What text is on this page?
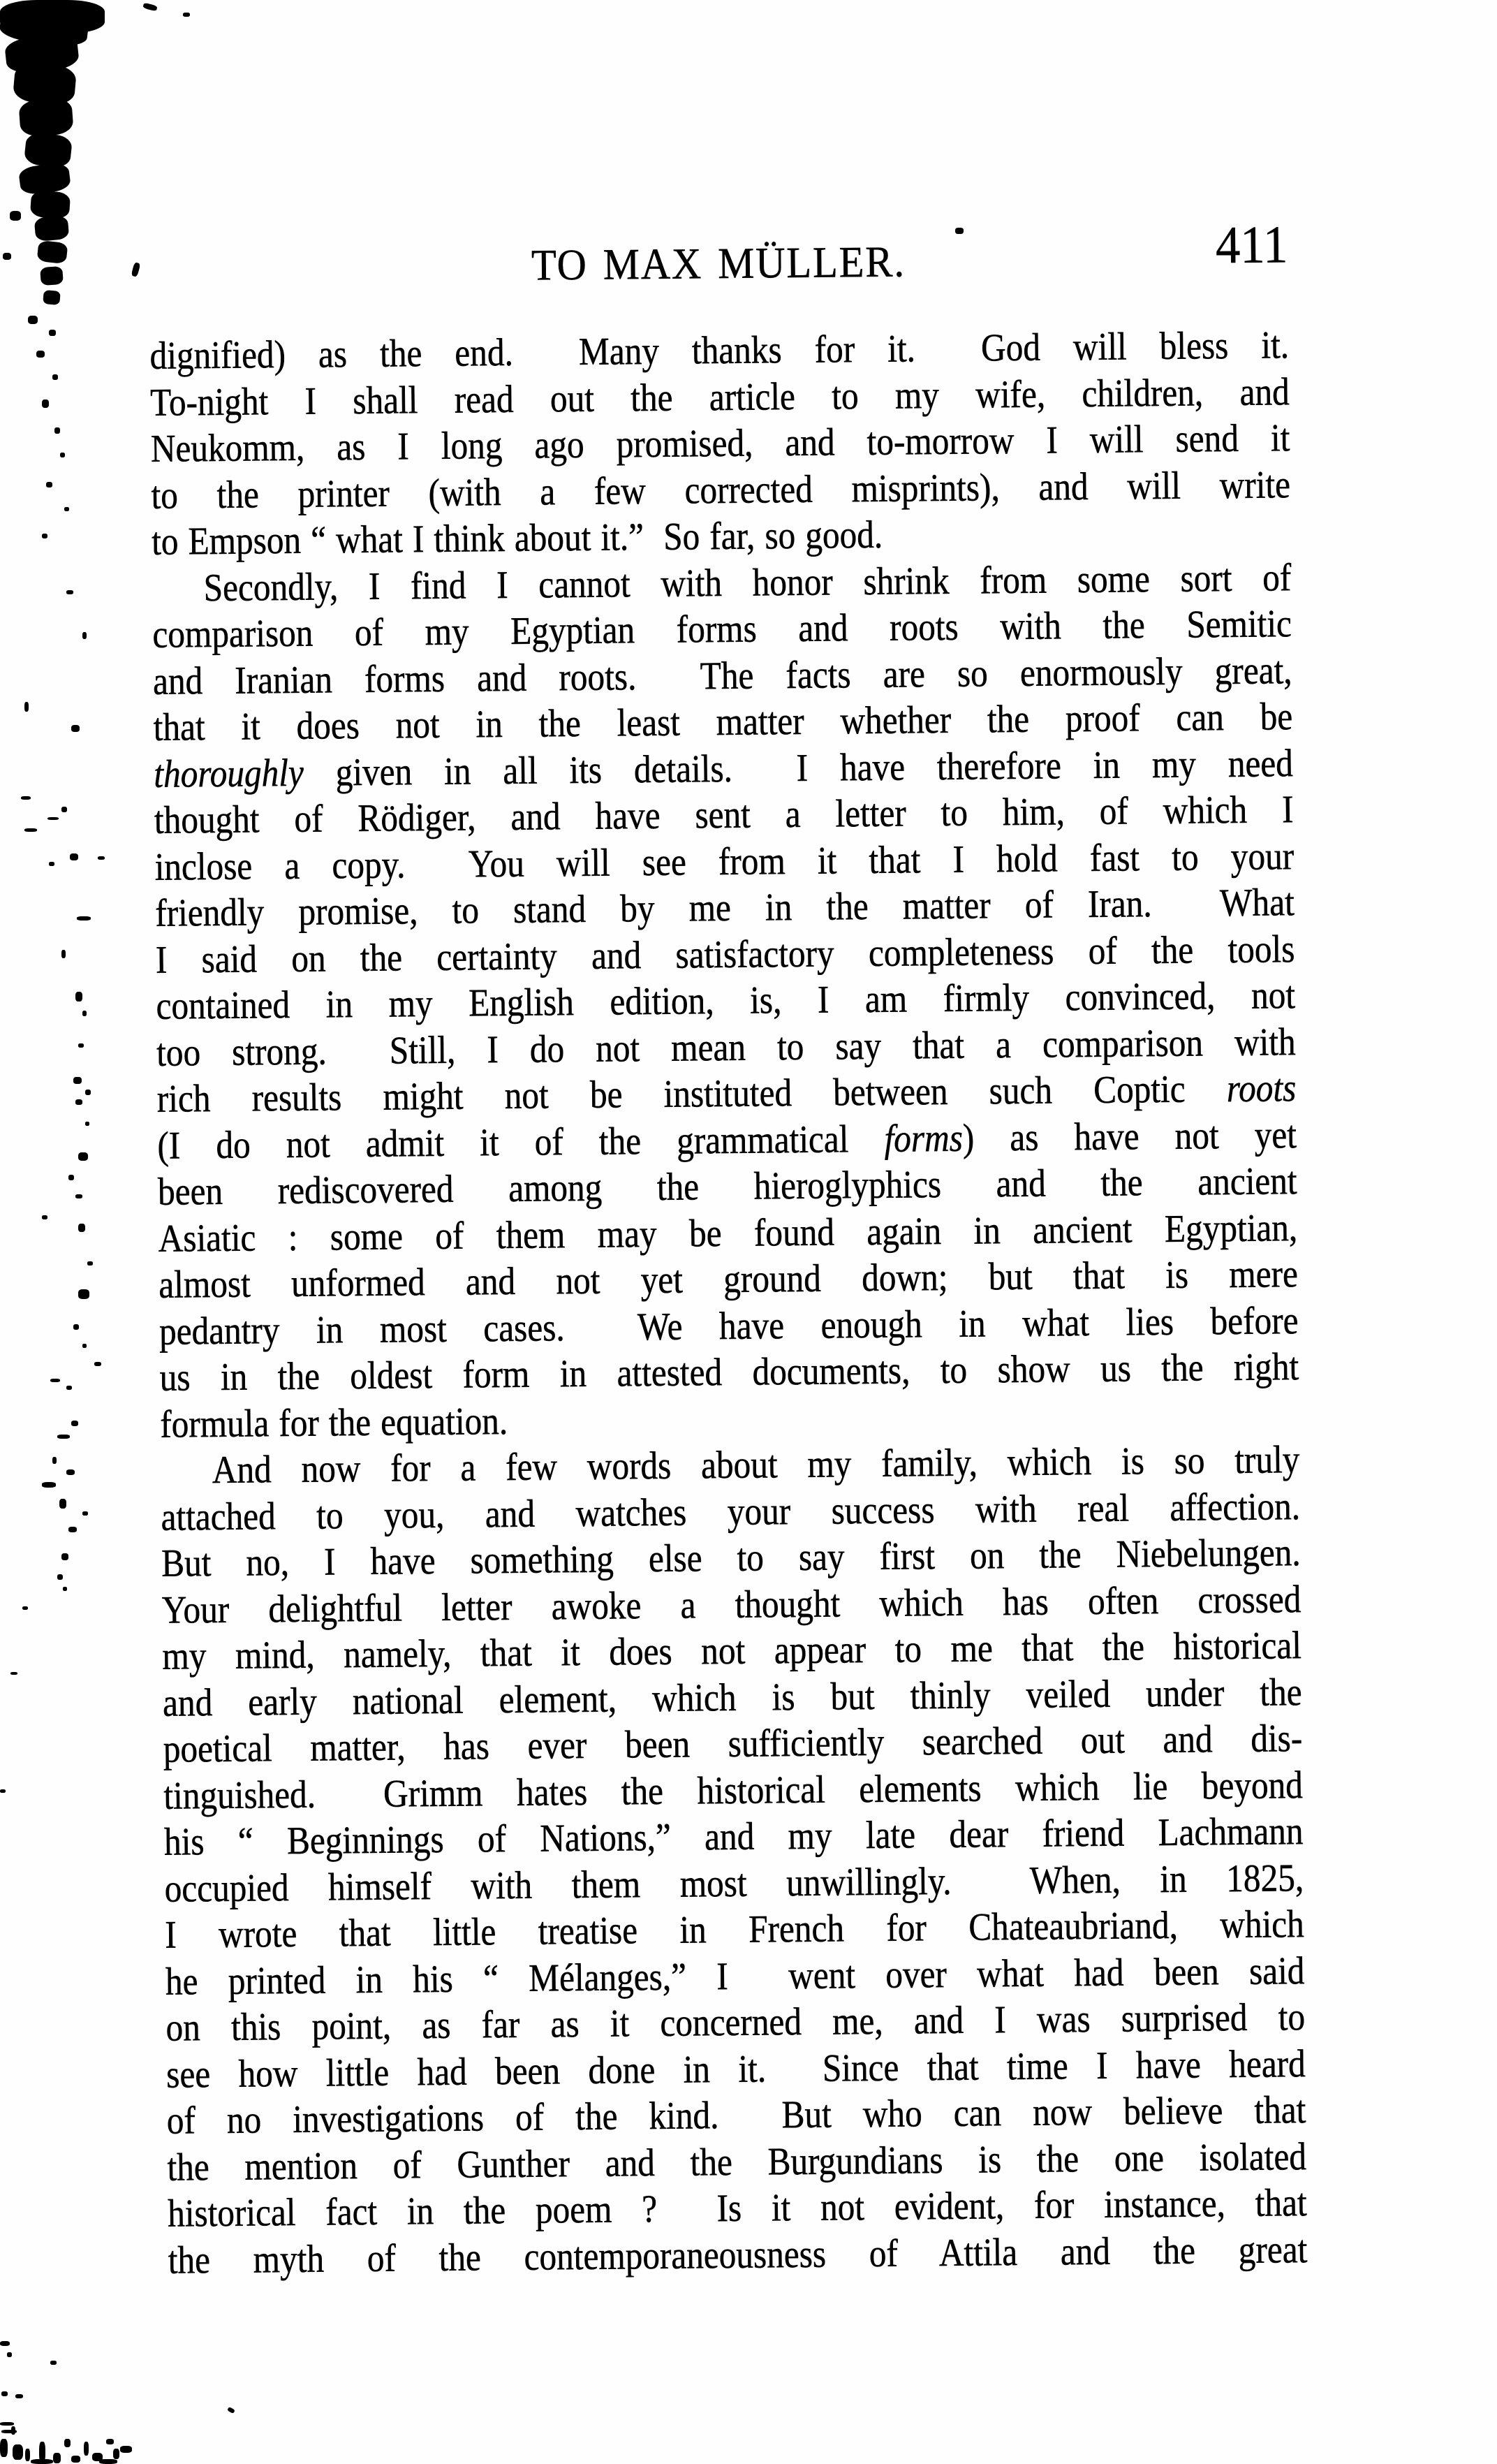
TO MAX MÜLLER.	411
dignified) as the end.  Many thanks for it.  God will bless it.
To-night I shall read out the article to my wife, children, and
Neukomm, as I long ago promised, and to-morrow I will send it
to the printer (with a few corrected misprints), and will write
to Empson “ what I think about it.”  So far, so good.
Secondly, I find I cannot with honor shrink from some sort of
comparison of my Egyptian forms and roots with the Semitic
and Iranian forms and roots.  The facts are so enormously great,
that it does not in the least matter whether the proof can be
thoroughly given in all its details.  I have therefore in my need
thought of Rödiger, and have sent a letter to him, of which I
inclose a copy.  You will see from it that I hold fast to your
friendly promise, to stand by me in the matter of Iran.  What
I said on the certainty and satisfactory completeness of the tools
contained in my English edition, is, I am firmly convinced, not
too strong.  Still, I do not mean to say that a comparison with
rich results might not be instituted between such Coptic roots
(I do not admit it of the grammatical forms) as have not yet
been rediscovered among the hieroglyphics and the ancient
Asiatic : some of them may be found again in ancient Egyptian,
almost unformed and not yet ground down; but that is mere
pedantry in most cases.  We have enough in what lies before
us in the oldest form in attested documents, to show us the right
formula for the equation.
And now for a few words about my family, which is so truly
attached to you, and watches your success with real affection.
But no, I have something else to say first on the Niebelungen.
Your delightful letter awoke a thought which has often crossed
my mind, namely, that it does not appear to me that the historical
and early national element, which is but thinly veiled under the
poetical matter, has ever been sufficiently searched out and dis-
tinguished.  Grimm hates the historical elements which lie beyond
his “ Beginnings of Nations,” and my late dear friend Lachmann
occupied himself with them most unwillingly.  When, in 1825,
I wrote that little treatise in French for Chateaubriand, which
he printed in his “ Mélanges,” I  went over what had been said
on this point, as far as it concerned me, and I was surprised to
see how little had been done in it.  Since that time I have heard
of no investigations of the kind.  But who can now believe that
the mention of Gunther and the Burgundians is the one isolated
historical fact in the poem ?  Is it not evident, for instance, that
the myth of the contemporaneousness of Attila and the great
